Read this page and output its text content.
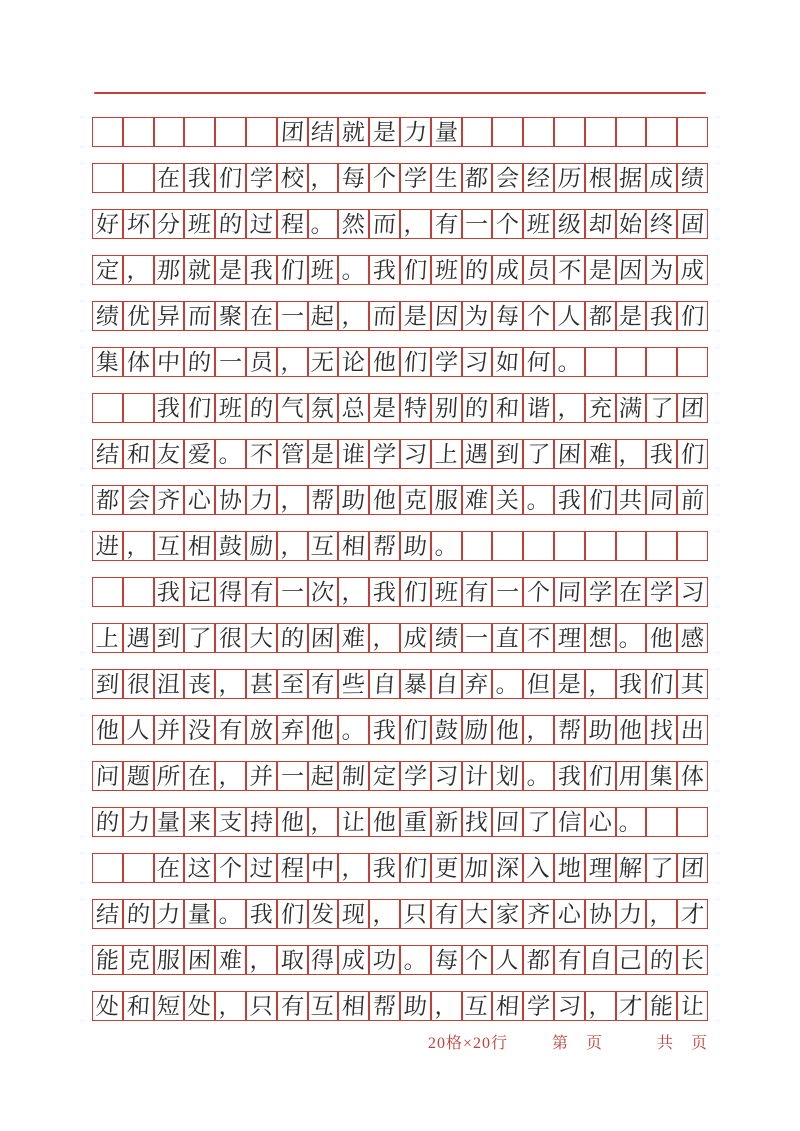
团 结 就 是 力 量
在 我 们 学 校 ， 每 个 学 生 都 会 经 历 根 据 成 绩
好 坏 分 班 的 过 程 。 然 而 ， 有 一 个 班 级 却 始 终 固
定 ， 那 就 是 我 们 班 。 我 们 班 的 成 员 不 是 因 为 成
绩 优 异 而 聚 在 一 起 ， 而 是 因 为 每 个 人 都 是 我 们
集 体 中 的 一 员 ， 无 论 他 们 学 习 如 何 。
我 们 班 的 气 氛 总 是 特 别 的 和 谐 ， 充 满 了 团
结 和 友 爱 。 不 管 是 谁 学 习 上 遇 到 了 困 难 ， 我 们
都 会 齐 心 协 力 ， 帮 助 他 克 服 难 关 。 我 们 共 同 前
进 ， 互 相 鼓 励 ， 互 相 帮 助 。
我 记 得 有 一 次 ， 我 们 班 有 一 个 同 学 在 学 习
上 遇 到 了 很 大 的 困 难 ， 成 绩 一 直 不 理 想 。 他 感
到 很 沮 丧 ， 甚 至 有 些 自 暴 自 弃 。 但 是 ， 我 们 其
他 人 并 没 有 放 弃 他 。 我 们 鼓 励 他 ， 帮 助 他 找 出
问 题 所 在 ， 并 一 起 制 定 学 习 计 划 。 我 们 用 集 体
的 力 量 来 支 持 他 ， 让 他 重 新 找 回 了 信 心 。
在 这 个 过 程 中 ， 我 们 更 加 深 入 地 理 解 了 团
结 的 力 量 。 我 们 发 现 ， 只 有 大 家 齐 心 协 力 ， 才
能 克 服 困 难 ， 取 得 成 功 。 每 个 人 都 有 自 己 的 长
处 和 短 处 ， 只 有 互 相 帮 助 ， 互 相 学 习 ， 才 能 让
20格×20行	第　页	共　页
